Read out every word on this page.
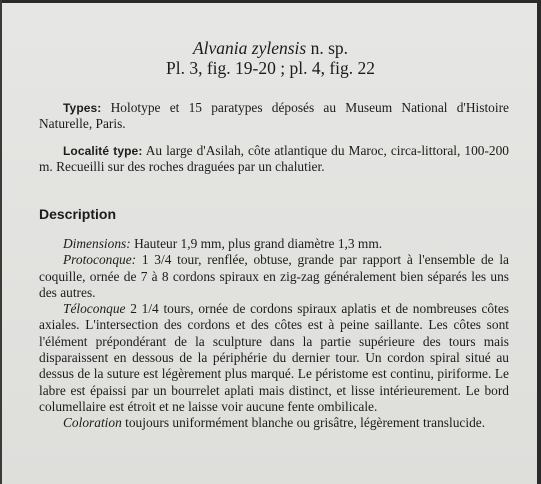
Alvania zylensis n. sp.
Pl. 3, fig. 19-20 ; pl. 4, fig. 22

Types: Holotype et 15 paratypes déposés au Museum National d'Histoire Naturelle, Paris.

Localité type: Au large d'Asilah, côte atlantique du Maroc, circa-littoral, 100-200 m. Recueilli sur des roches draguées par un chalutier.

Description

Dimensions: Hauteur 1,9 mm, plus grand diamètre 1,3 mm.

Protoconque: 1 3/4 tour, renflée, obtuse, grande par rapport à l'ensemble de la coquille, ornée de 7 à 8 cordons spiraux en zig-zag généralement bien séparés les uns des autres.

Téloconque 2 1/4 tours, ornée de cordons spiraux aplatis et de nombreuses côtes axiales. L'intersection des cordons et des côtes est à peine saillante. Les côtes sont l'élément prépondérant de la sculpture dans la partie supérieure des tours mais disparaissent en dessous de la périphérie du dernier tour. Un cordon spiral situé au dessus de la suture est légèrement plus marqué. Le péristome est continu, piriforme. Le labre est épaissi par un bourrelet aplati mais distinct, et lisse intérieurement. Le bord columellaire est étroit et ne laisse voir aucune fente ombilicale.

Coloration toujours uniformément blanche ou grisâtre, légèrement translucide.
